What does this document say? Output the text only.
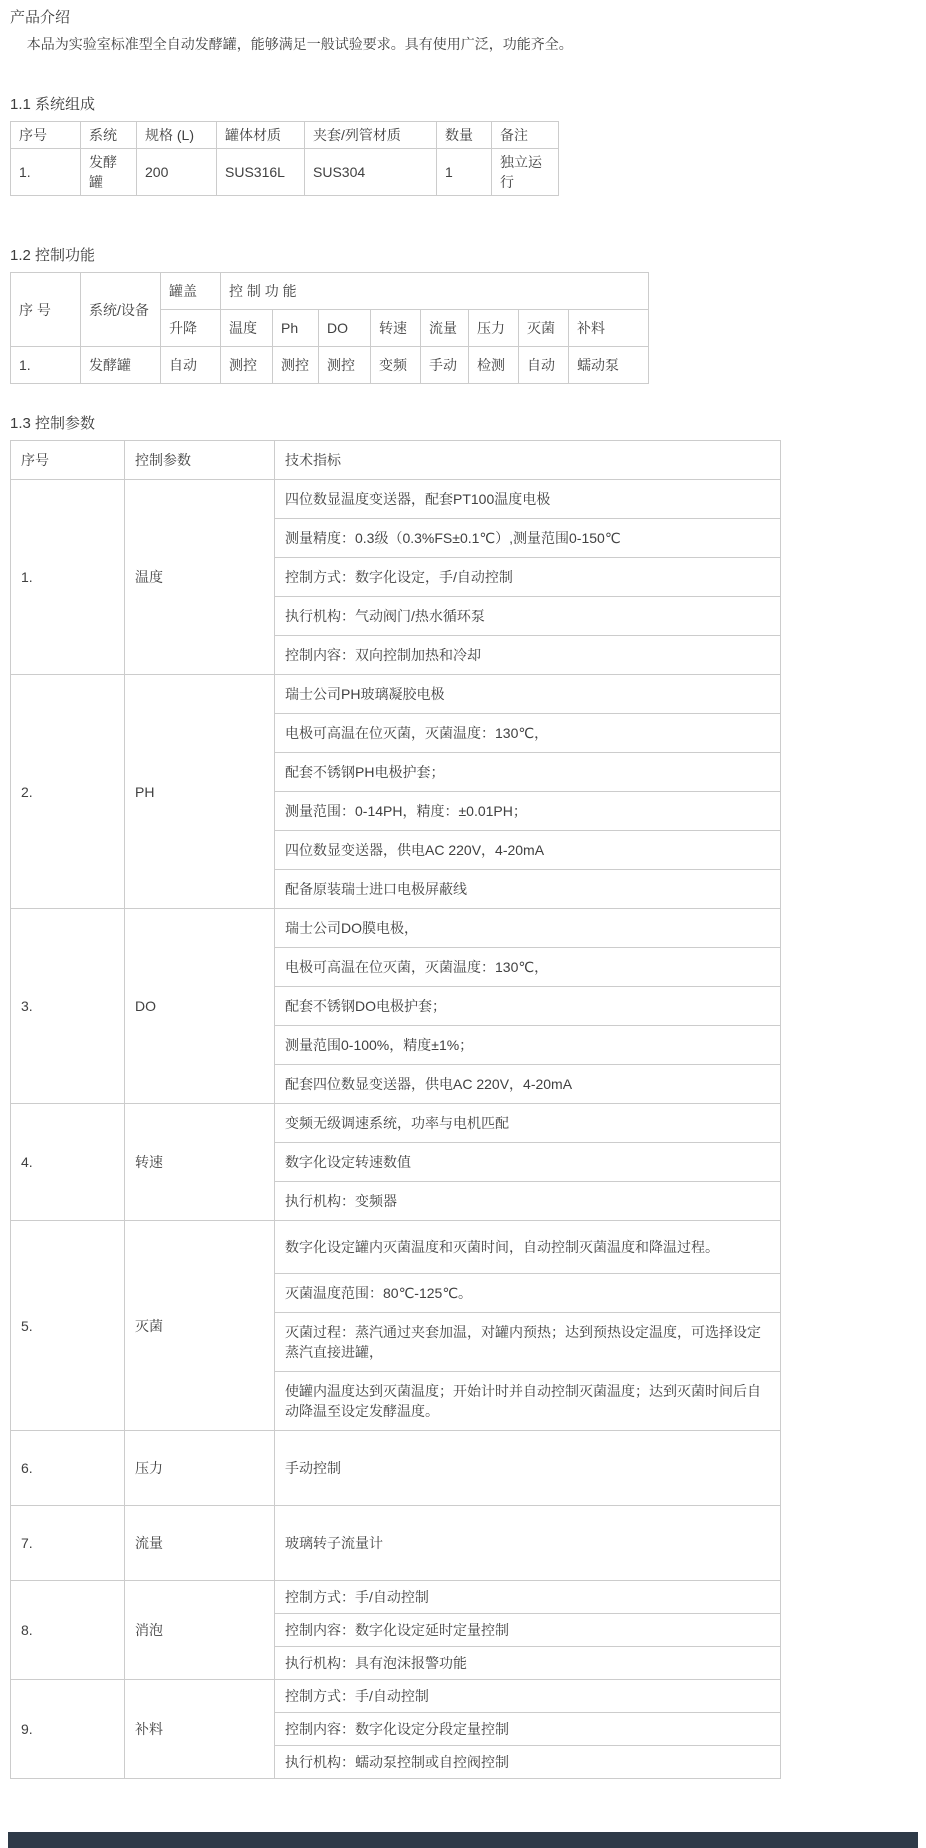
产品介绍

本品为实验室标准型全自动发酵罐，能够满足一般试验要求。具有使用广泛，功能齐全。

1.1 系统组成
序号	系统	规格 (L)	罐体材质	夹套/列管材质	数量	备注
1.	发酵罐	200	SUS316L	SUS304	1	独立运行
1.2 控制功能
序 号	系统/设备	罐盖	控 制 功 能							
		升降	温度	Ph	DO	转速	流量	压力	灭菌	补料
1.	发酵罐	自动	测控	测控	测控	变频	手动	检测	自动	蠕动泵
1.3 控制参数
序号	控制参数	技术指标
1.	温度	四位数显温度变送器，配套PT100温度电极
		测量精度：0.3级（0.3%FS±0.1℃）,测量范围0-150℃
		控制方式：数字化设定，手/自动控制
		执行机构：气动阀门/热水循环泵
		控制内容：双向控制加热和冷却
2.	PH	瑞士公司PH玻璃凝胶电极
		电极可高温在位灭菌，灭菌温度：130℃，
		配套不锈钢PH电极护套；
		测量范围：0-14PH，精度：±0.01PH；
		四位数显变送器，供电AC 220V，4-20mA
		配备原装瑞士进口电极屏蔽线
3.	DO	瑞士公司DO膜电极，
		电极可高温在位灭菌，灭菌温度：130℃，
		配套不锈钢DO电极护套；
		测量范围0-100%，精度±1%；
		配套四位数显变送器，供电AC 220V，4-20mA
4.	转速	变频无级调速系统，功率与电机匹配
		数字化设定转速数值
		执行机构：变频器
5.	灭菌	数字化设定罐内灭菌温度和灭菌时间，自动控制灭菌温度和降温过程。
		灭菌温度范围：80℃-125℃。
		灭菌过程：蒸汽通过夹套加温，对罐内预热；达到预热设定温度，可选择设定蒸汽直接进罐，
		使罐内温度达到灭菌温度；开始计时并自动控制灭菌温度；达到灭菌时间后自动降温至设定发酵温度。
6.	压力	手动控制
7.	流量	玻璃转子流量计
8.	消泡	控制方式：手/自动控制
		控制内容：数字化设定延时定量控制
		执行机构：具有泡沫报警功能
9.	补料	控制方式：手/自动控制
		控制内容：数字化设定分段定量控制
		执行机构：蠕动泵控制或自控阀控制
